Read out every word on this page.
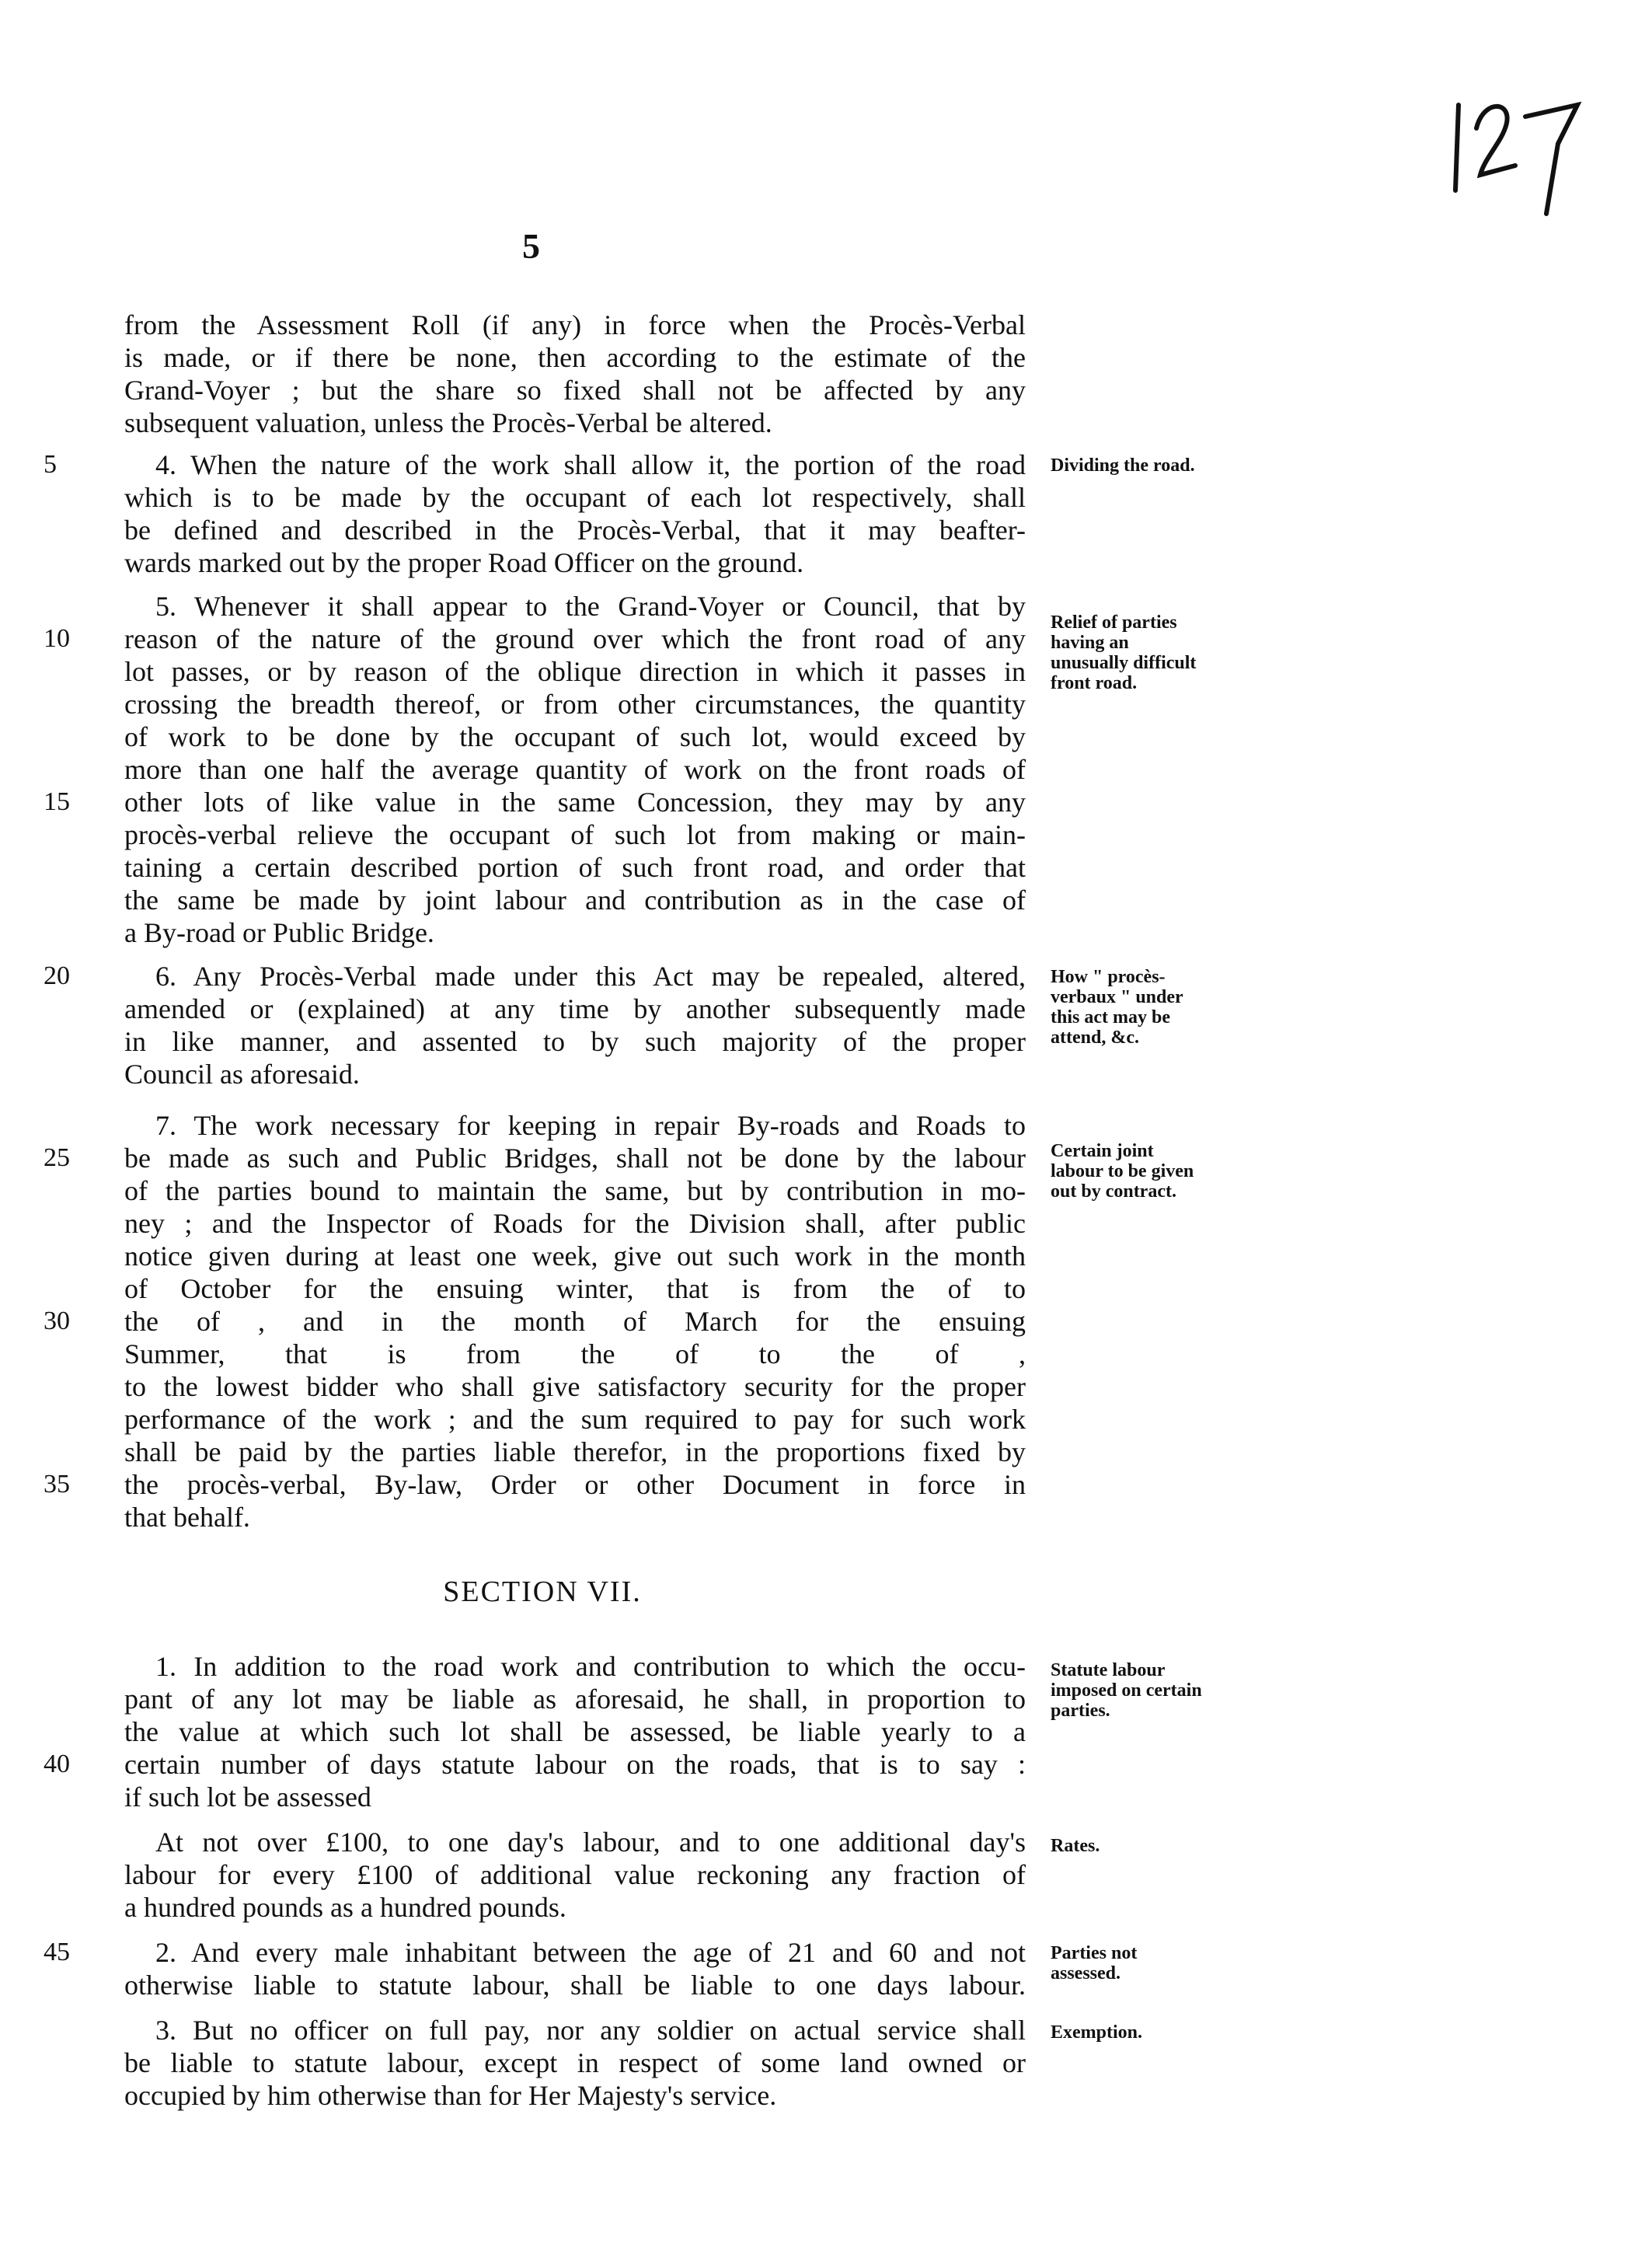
127
5
from the Assessment Roll (if any) in force when the Procès-Verbal
is made, or if there be none, then according to the estimate of the
Grand-Voyer ; but the share so fixed shall not be affected by any
subsequent valuation, unless the Procès-Verbal be altered.
5	4. When the nature of the work shall allow it, the portion of the road
which is to be made by the occupant of each lot respectively, shall
be defined and described in the Procès-Verbal, that it may beafter-
wards marked out by the proper Road Officer on the ground.
Dividing the road.
5. Whenever it shall appear to the Grand-Voyer or Council, that by
10	reason of the nature of the ground over which the front road of any
lot passes, or by reason of the oblique direction in which it passes in
crossing the breadth thereof, or from other circumstances, the quantity
of work to be done by the occupant of such lot, would exceed by
more than one half the average quantity of work on the front roads of
15	other lots of like value in the same Concession, they may by any
procès-verbal relieve the occupant of such lot from making or main-
taining a certain described portion of such front road, and order that
the same be made by joint labour and contribution as in the case of
a By-road or Public Bridge.
Relief of parties having an unusually difficult front road.
20	6. Any Procès-Verbal made under this Act may be repealed, altered,
amended or (explained) at any time by another subsequently made
in like manner, and assented to by such majority of the proper
Council as aforesaid.
How " procès-verbaux " under this act may be attend, &c.
7. The work necessary for keeping in repair By-roads and Roads to
25	be made as such and Public Bridges, shall not be done by the labour
of the parties bound to maintain the same, but by contribution in mo-
ney ; and the Inspector of Roads for the Division shall, after public
notice given during at least one week, give out such work in the month
of October for the ensuing winter, that is from the of to
30	the of , and in the month of March for the ensuing
Summer, that is from the of to the of ,
to the lowest bidder who shall give satisfactory security for the proper
performance of the work ; and the sum required to pay for such work
shall be paid by the parties liable therefor, in the proportions fixed by
35	the procès-verbal, By-law, Order or other Document in force in
that behalf.
Certain joint labour to be given out by contract.
SECTION VII.
1. In addition to the road work and contribution to which the occu-
pant of any lot may be liable as aforesaid, he shall, in proportion to
the value at which such lot shall be assessed, be liable yearly to a
40	certain number of days statute labour on the roads, that is to say :
if such lot be assessed
Statute labour imposed on certain parties.
At not over £100, to one day's labour, and to one additional day's
labour for every £100 of additional value reckoning any fraction of
a hundred pounds as a hundred pounds.
Rates.
45	2. And every male inhabitant between the age of 21 and 60 and not
otherwise liable to statute labour, shall be liable to one days labour.
Parties not assessed.
3. But no officer on full pay, nor any soldier on actual service shall
be liable to statute labour, except in respect of some land owned or
occupied by him otherwise than for Her Majesty's service.
Exemption.
